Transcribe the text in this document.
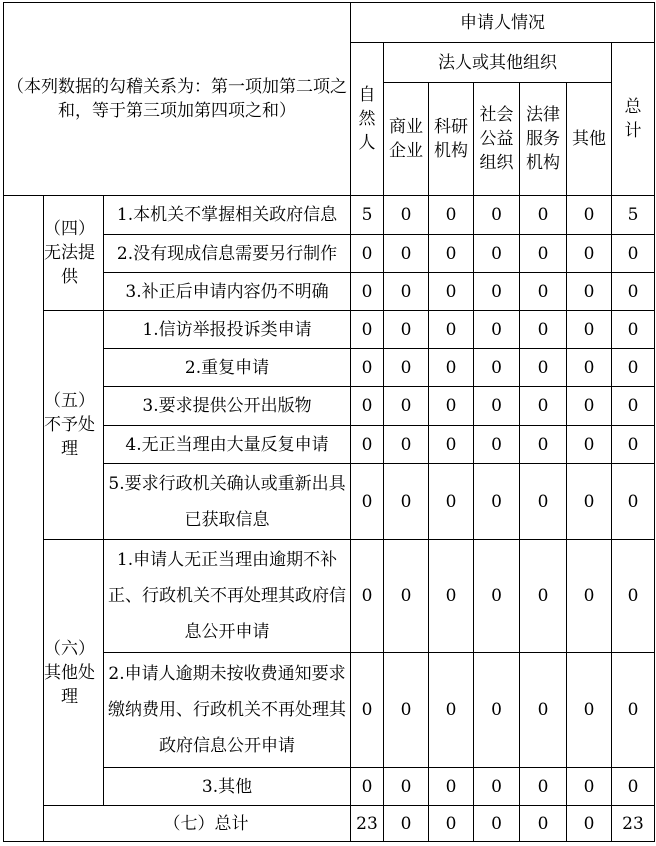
（本列数据的勾稽关系为：第一项加第二项之和，等于第三项加第四项之和）			申请人情况						

			自然人	法人或其他组织					总计

				商业企业	科研机构	社会公益组织	法律服务机构	其他	

	（四）无法提供	1.本机关不掌握相关政府信息	5	0	0	0	0	0	5
		2.没有现成信息需要另行制作	0	0	0	0	0	0	0
		3.补正后申请内容仍不明确	0	0	0	0	0	0	0

	（五）不予处理	1.信访举报投诉类申请	0	0	0	0	0	0	0
		2.重复申请	0	0	0	0	0	0	0
		3.要求提供公开出版物	0	0	0	0	0	0	0
		4.无正当理由大量反复申请	0	0	0	0	0	0	0
		5.要求行政机关确认或重新出具已获取信息	0	0	0	0	0	0	0

	（六）其他处理	1.申请人无正当理由逾期不补正、行政机关不再处理其政府信息公开申请	0	0	0	0	0	0	0
		2.申请人逾期未按收费通知要求缴纳费用、行政机关不再处理其政府信息公开申请	0	0	0	0	0	0	0
		3.其他	0	0	0	0	0	0	0
	（七）总计		23	0	0	0	0	0	23
